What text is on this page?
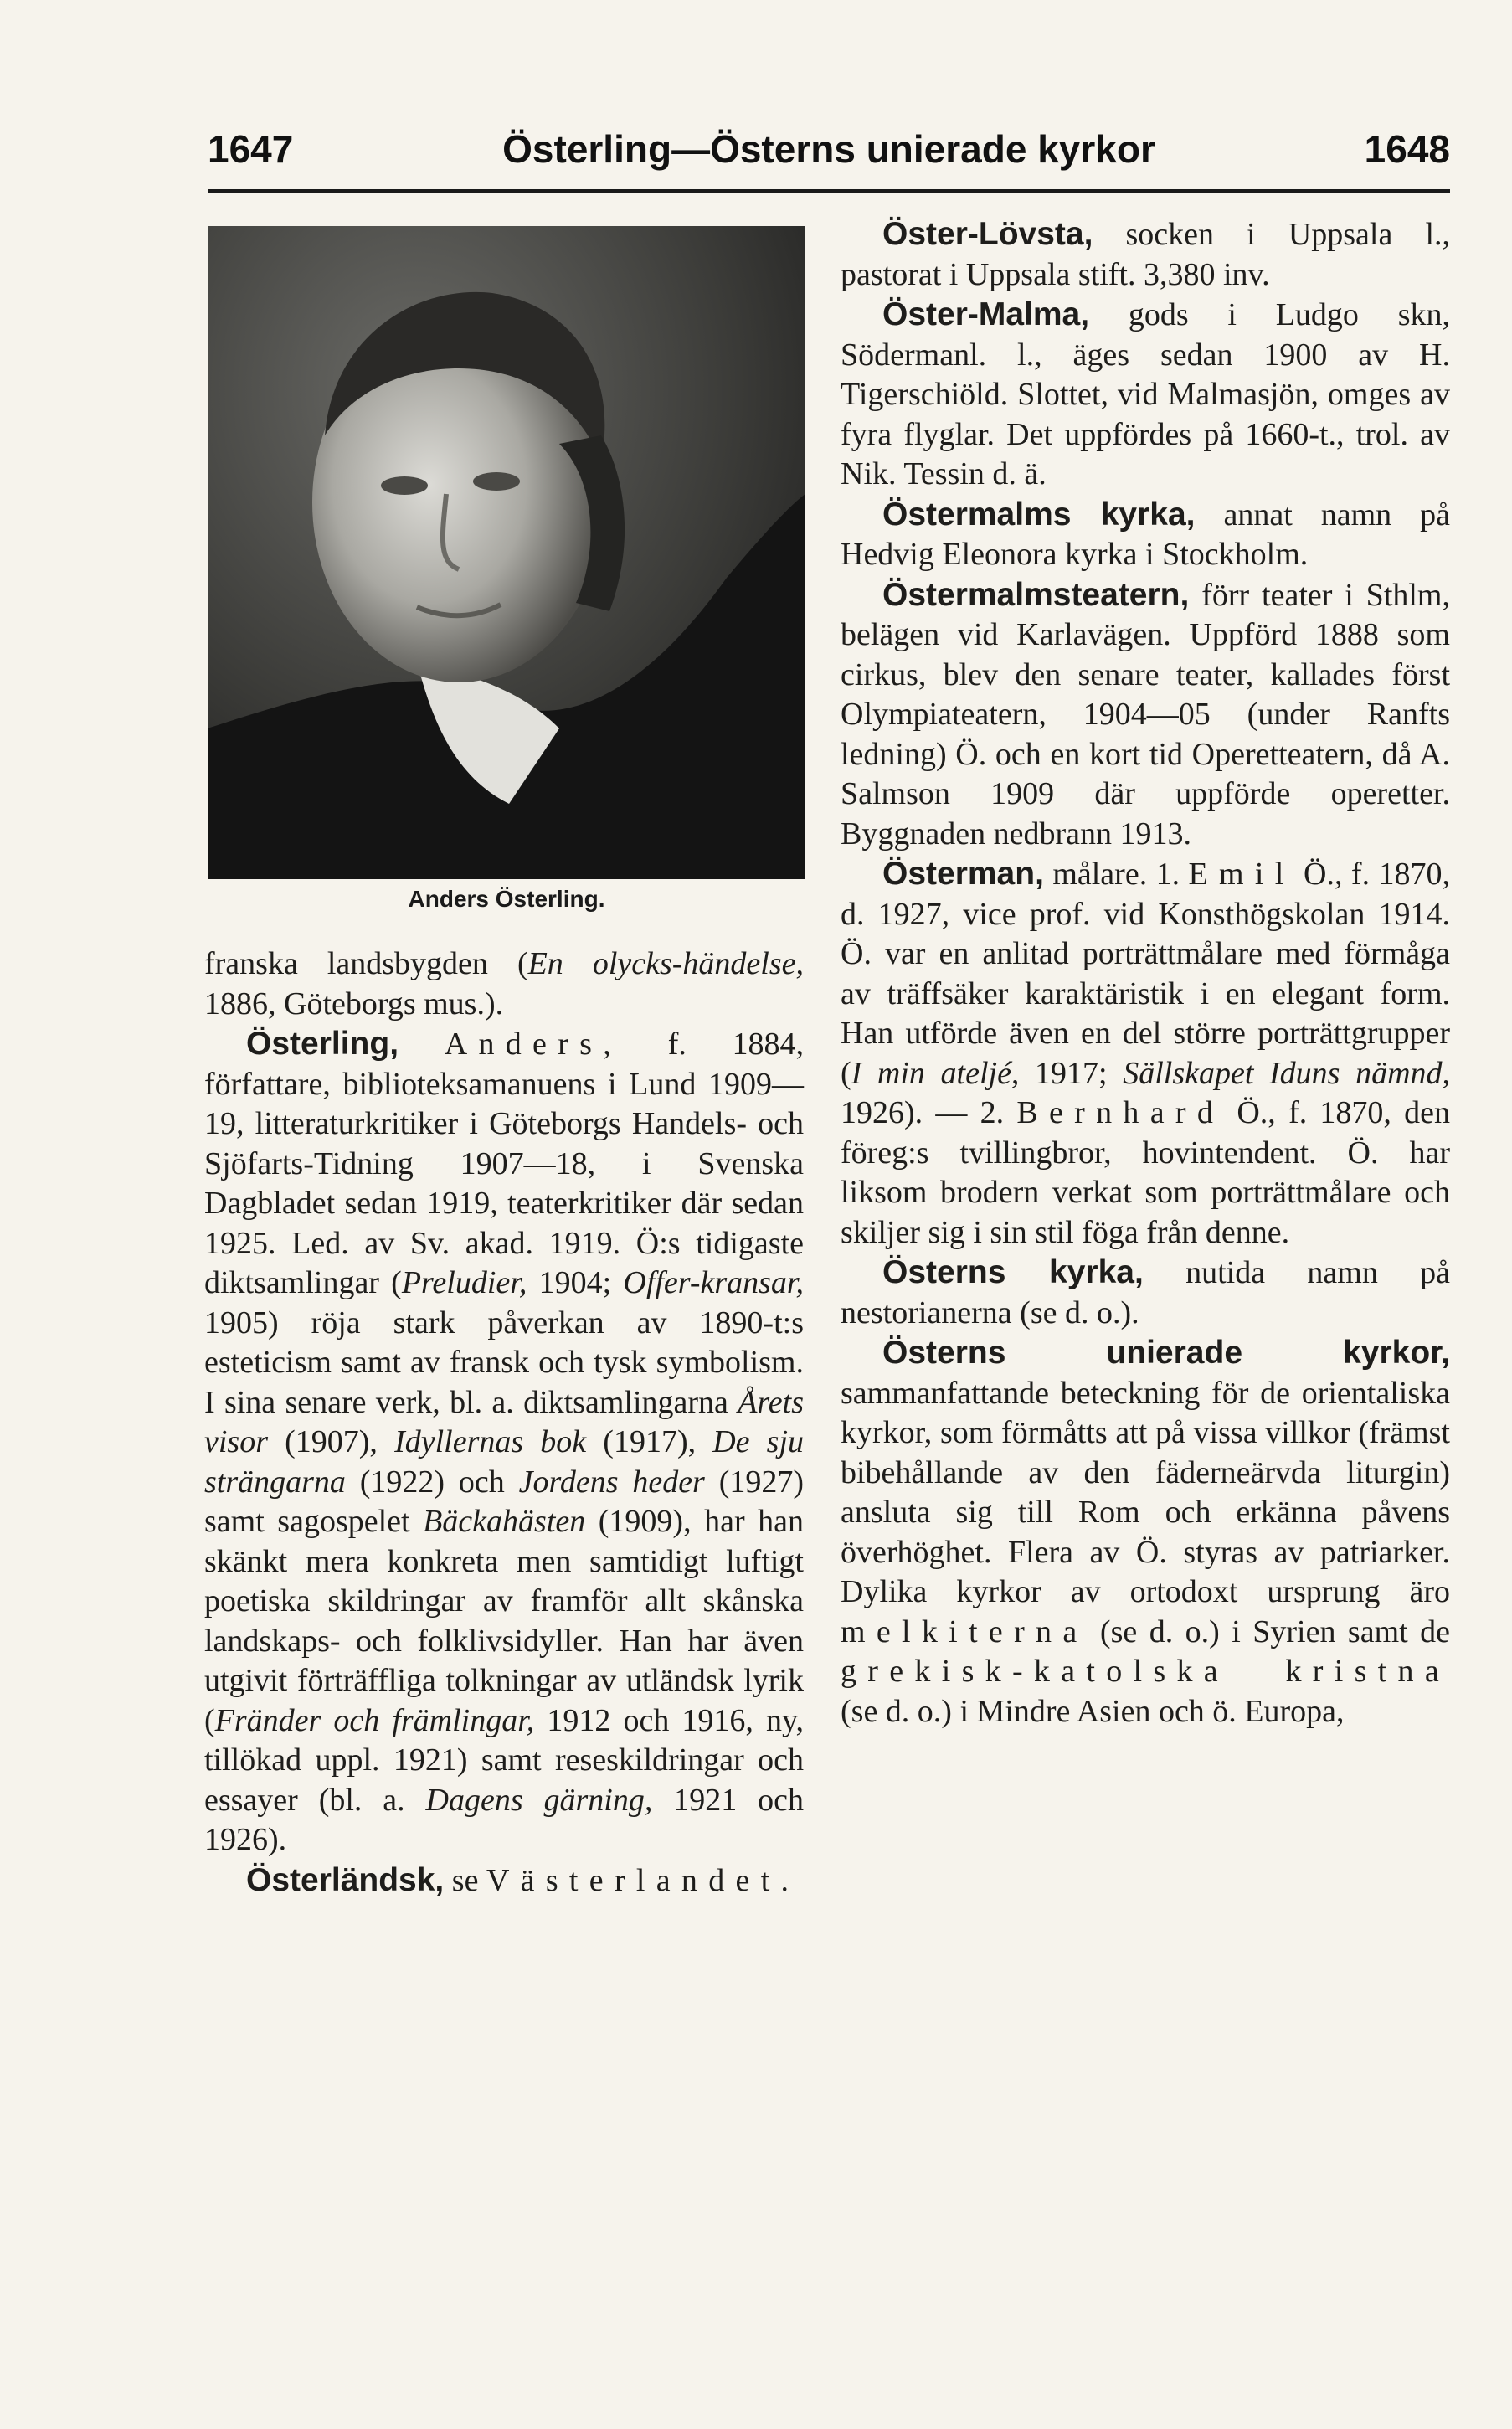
1647	Österling—Österns unierade kyrkor	1648
Anders Österling.

franska landsbygden (En olycks-händelse, 1886, Göteborgs mus.).

Österling, Anders, f. 1884, författare, biblioteksamanuens i Lund 1909—19, litteraturkritiker i Göteborgs Handels- och Sjöfarts-Tidning 1907—18, i Svenska Dagbladet sedan 1919, teaterkritiker där sedan 1925. Led. av Sv. akad. 1919. Ö:s tidigaste diktsamlingar (Preludier, 1904; Offer-kransar, 1905) röja stark påverkan av 1890-t:s esteticism samt av fransk och tysk symbolism. I sina senare verk, bl. a. diktsamlingarna Årets visor (1907), Idyllernas bok (1917), De sju strängarna (1922) och Jordens heder (1927) samt sagospelet Bäckahästen (1909), har han skänkt mera konkreta men samtidigt luftigt poetiska skildringar av framför allt skånska landskaps- och folklivsidyller. Han har även utgivit förträffliga tolkningar av utländsk lyrik (Fränder och främlingar, 1912 och 1916, ny, tillökad uppl. 1921) samt reseskildringar och essayer (bl. a. Dagens gärning, 1921 och 1926).

Österländsk, se Västerlandet.

Öster-Lövsta, socken i Uppsala l., pastorat i Uppsala stift. 3,380 inv.

Öster-Malma, gods i Ludgo skn, Södermanl. l., äges sedan 1900 av H. Tigerschiöld. Slottet, vid Malmasjön, omges av fyra flyglar. Det uppfördes på 1660-t., trol. av Nik. Tessin d. ä.

Östermalms kyrka, annat namn på Hedvig Eleonora kyrka i Stockholm.

Östermalmsteatern, förr teater i Sthlm, belägen vid Karlavägen. Uppförd 1888 som cirkus, blev den senare teater, kallades först Olympiateatern, 1904—05 (under Ranfts ledning) Ö. och en kort tid Operetteatern, då A. Salmson 1909 där uppförde operetter. Byggnaden nedbrann 1913.

Österman, målare. 1. Emil Ö., f. 1870, d. 1927, vice prof. vid Konsthögskolan 1914. Ö. var en anlitad porträttmålare med förmåga av träffsäker karaktäristik i en elegant form. Han utförde även en del större porträttgrupper (I min ateljé, 1917; Sällskapet Iduns nämnd, 1926). — 2. Bernhard Ö., f. 1870, den föreg:s tvillingbror, hovintendent. Ö. har liksom brodern verkat som porträttmålare och skiljer sig i sin stil föga från denne.

Österns kyrka, nutida namn på nestorianerna (se d. o.).

Österns unierade kyrkor, sammanfattande beteckning för de orientaliska kyrkor, som förmåtts att på vissa villkor (främst bibehållande av den fäderneärvda liturgin) ansluta sig till Rom och erkänna påvens överhöghet. Flera av Ö. styras av patriarker. Dylika kyrkor av ortodoxt ursprung äro melkiterna (se d. o.) i Syrien samt de grekisk-katolska kristna (se d. o.) i Mindre Asien och ö. Europa,
